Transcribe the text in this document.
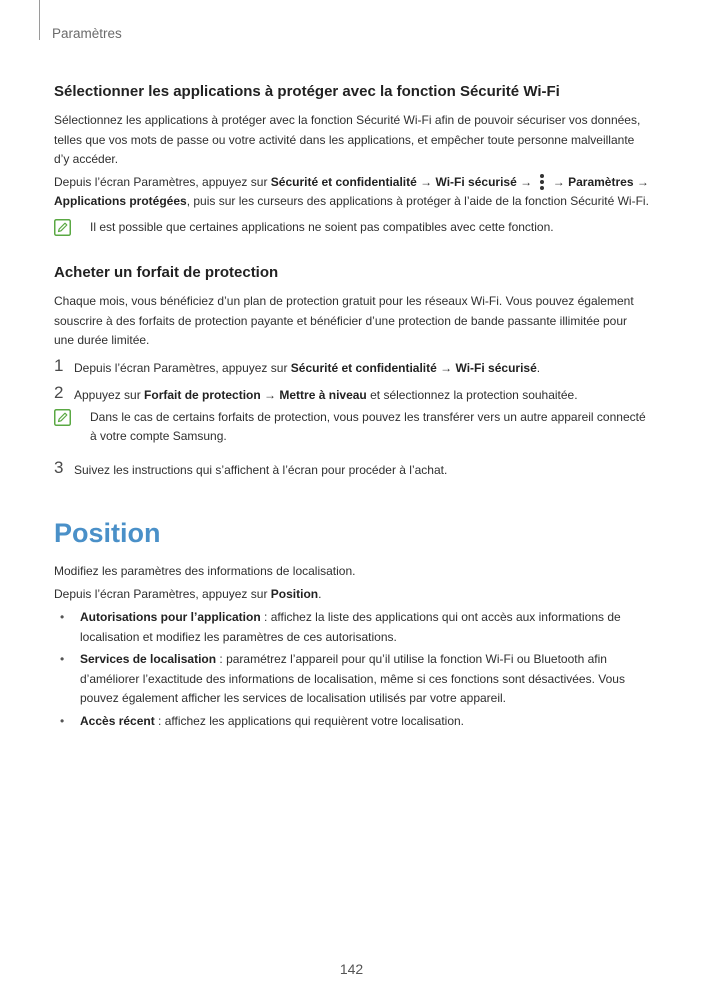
Paramètres
Sélectionner les applications à protéger avec la fonction Sécurité Wi-Fi

Sélectionnez les applications à protéger avec la fonction Sécurité Wi-Fi afin de pouvoir sécuriser vos données, telles que vos mots de passe ou votre activité dans les applications, et empêcher toute personne malveillante d’y accéder.

Depuis l’écran Paramètres, appuyez sur Sécurité et confidentialité → Wi-Fi sécurisé →  → Paramètres → Applications protégées, puis sur les curseurs des applications à protéger à l’aide de la fonction Sécurité Wi-Fi.

Il est possible que certaines applications ne soient pas compatibles avec cette fonction.
Acheter un forfait de protection

Chaque mois, vous bénéficiez d’un plan de protection gratuit pour les réseaux Wi-Fi. Vous pouvez également souscrire à des forfaits de protection payante et bénéficier d’une protection de bande passante illimitée pour une durée limitée.

1 Depuis l’écran Paramètres, appuyez sur Sécurité et confidentialité → Wi-Fi sécurisé.
2 Appuyez sur Forfait de protection → Mettre à niveau et sélectionnez la protection souhaitée.
Dans le cas de certains forfaits de protection, vous pouvez les transférer vers un autre appareil connecté à votre compte Samsung.
3 Suivez les instructions qui s’affichent à l’écran pour procéder à l’achat.
Position

Modifiez les paramètres des informations de localisation.

Depuis l’écran Paramètres, appuyez sur Position.

• Autorisations pour l’application : affichez la liste des applications qui ont accès aux informations de localisation et modifiez les paramètres de ces autorisations.
• Services de localisation : paramétrez l’appareil pour qu’il utilise la fonction Wi-Fi ou Bluetooth afin d’améliorer l’exactitude des informations de localisation, même si ces fonctions sont désactivées. Vous pouvez également afficher les services de localisation utilisés par votre appareil.
• Accès récent : affichez les applications qui requièrent votre localisation.
142
